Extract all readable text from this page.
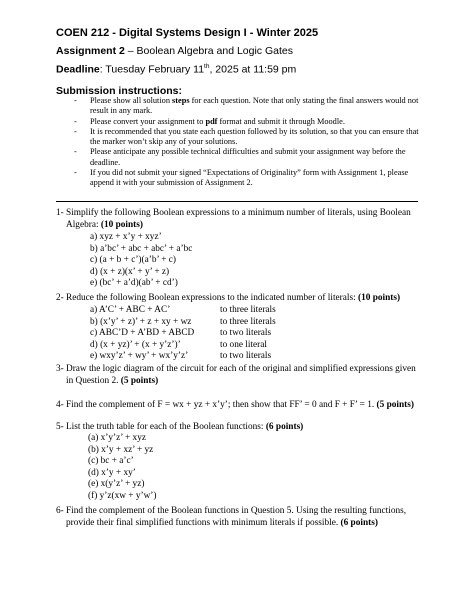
COEN 212 - Digital Systems Design I - Winter 2025
Assignment 2 – Boolean Algebra and Logic Gates
Deadline: Tuesday February 11th, 2025 at 11:59 pm
Submission instructions:
- Please show all solution steps for each question. Note that only stating the final answers would not result in any mark.
- Please convert your assignment to pdf format and submit it through Moodle.
- It is recommended that you state each question followed by its solution, so that you can ensure that the marker won’t skip any of your solutions.
- Please anticipate any possible technical difficulties and submit your assignment way before the deadline.
- If you did not submit your signed “Expectations of Originality” form with Assignment 1, please append it with your submission of Assignment 2.
1- Simplify the following Boolean expressions to a minimum number of literals, using Boolean
Algebra: (10 points)
a) xyz + x’y + xyz’
b) a’bc’ + abc + abc’ + a’bc
c) (a + b + c’)(a’b’ + c)
d) (x + z)(x’ + y’ + z)
e) (bc’ + a’d)(ab’ + cd’)
2- Reduce the following Boolean expressions to the indicated number of literals: (10 points)
a) A’C’ + ABC + AC’	to three literals
b) (x’y’ + z)’ + z + xy + wz	to three literals
c) ABC’D + A’BD + ABCD	to two literals
d) (x + yz)’ + (x + y’z’)’	to one literal
e) wxy’z’ + wy’ + wx’y’z’	to two literals
3- Draw the logic diagram of the circuit for each of the original and simplified expressions given
in Question 2. (5 points)
4- Find the complement of F = wx + yz + x’y’; then show that FF’ = 0 and F + F’ = 1. (5 points)
5- List the truth table for each of the Boolean functions: (6 points)
(a) x’y’z’ + xyz
(b) x’y + xz’ + yz
(c) bc + a’c’
(d) x’y + xy’
(e) x(y’z’ + yz)
(f) y’z(xw + y’w’)
6- Find the complement of the Boolean functions in Question 5. Using the resulting functions,
provide their final simplified functions with minimum literals if possible. (6 points)
